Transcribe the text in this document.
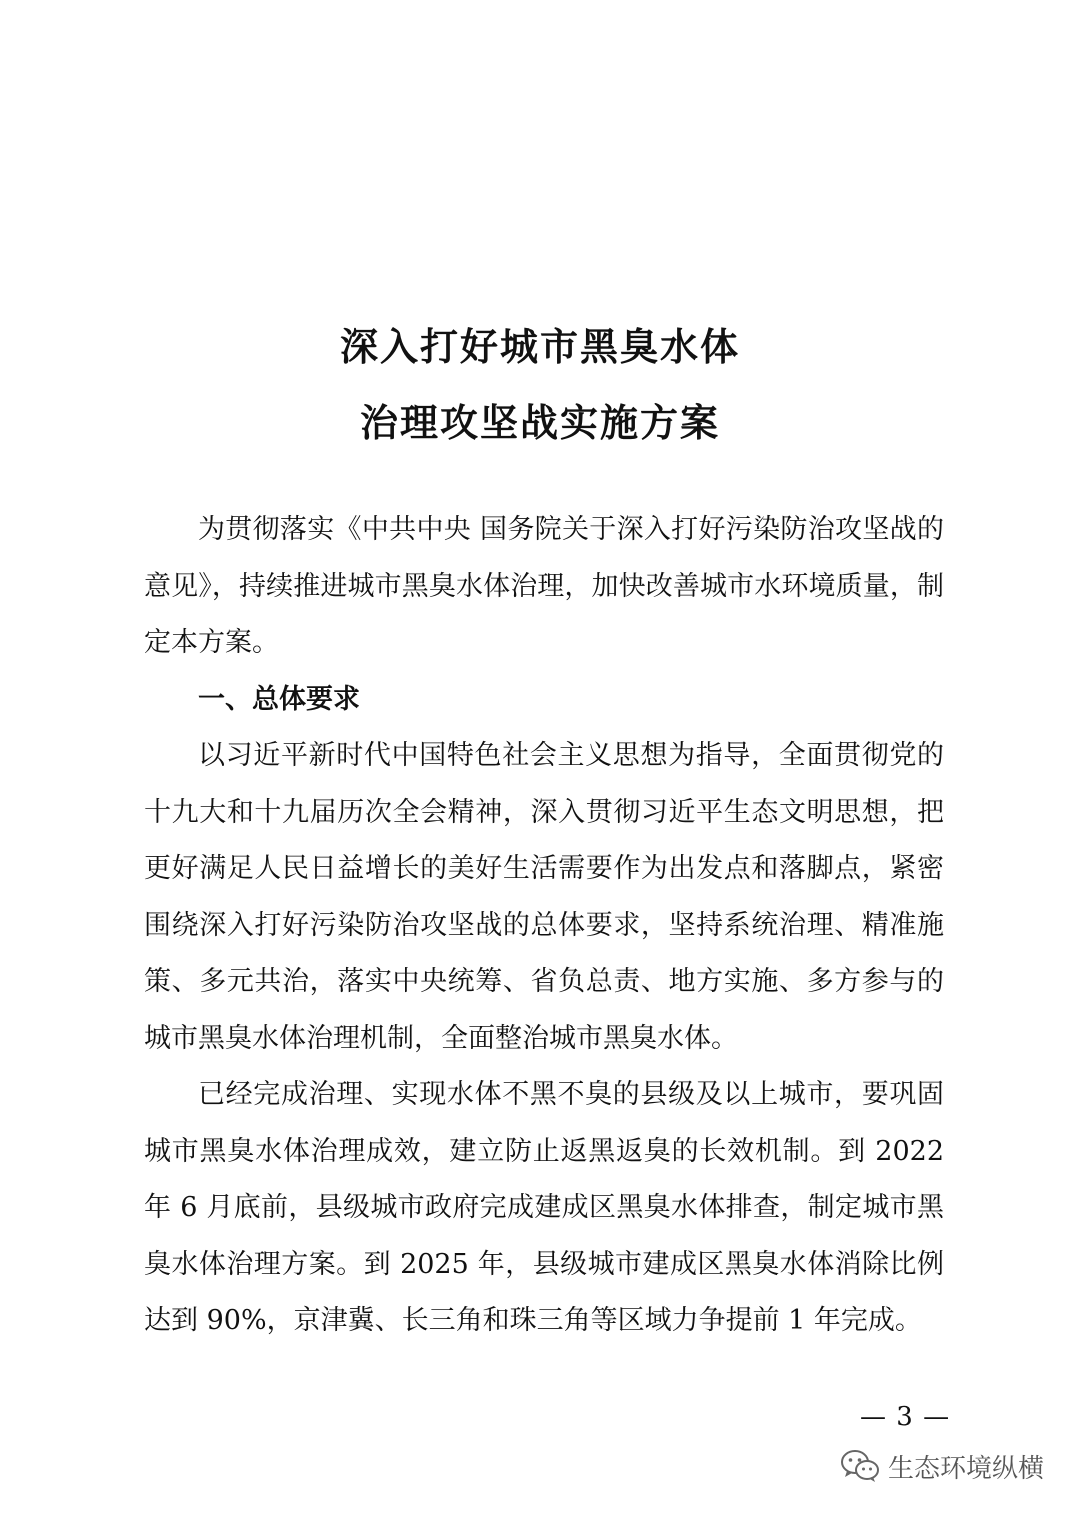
深入打好城市黑臭水体
治理攻坚战实施方案

为贯彻落实《中共中央 国务院关于深入打好污染防治攻坚战的意见》，持续推进城市黑臭水体治理，加快改善城市水环境质量，制定本方案。

一、总体要求

以习近平新时代中国特色社会主义思想为指导，全面贯彻党的十九大和十九届历次全会精神，深入贯彻习近平生态文明思想，把更好满足人民日益增长的美好生活需要作为出发点和落脚点，紧密围绕深入打好污染防治攻坚战的总体要求，坚持系统治理、精准施策、多元共治，落实中央统筹、省负总责、地方实施、多方参与的城市黑臭水体治理机制，全面整治城市黑臭水体。

已经完成治理、实现水体不黑不臭的县级及以上城市，要巩固城市黑臭水体治理成效，建立防止返黑返臭的长效机制。到 2022 年 6 月底前，县级城市政府完成建成区黑臭水体排查，制定城市黑臭水体治理方案。到 2025 年，县级城市建成区黑臭水体消除比例达到 90%，京津冀、长三角和珠三角等区域力争提前 1 年完成。

— 3 —
生态环境纵横
